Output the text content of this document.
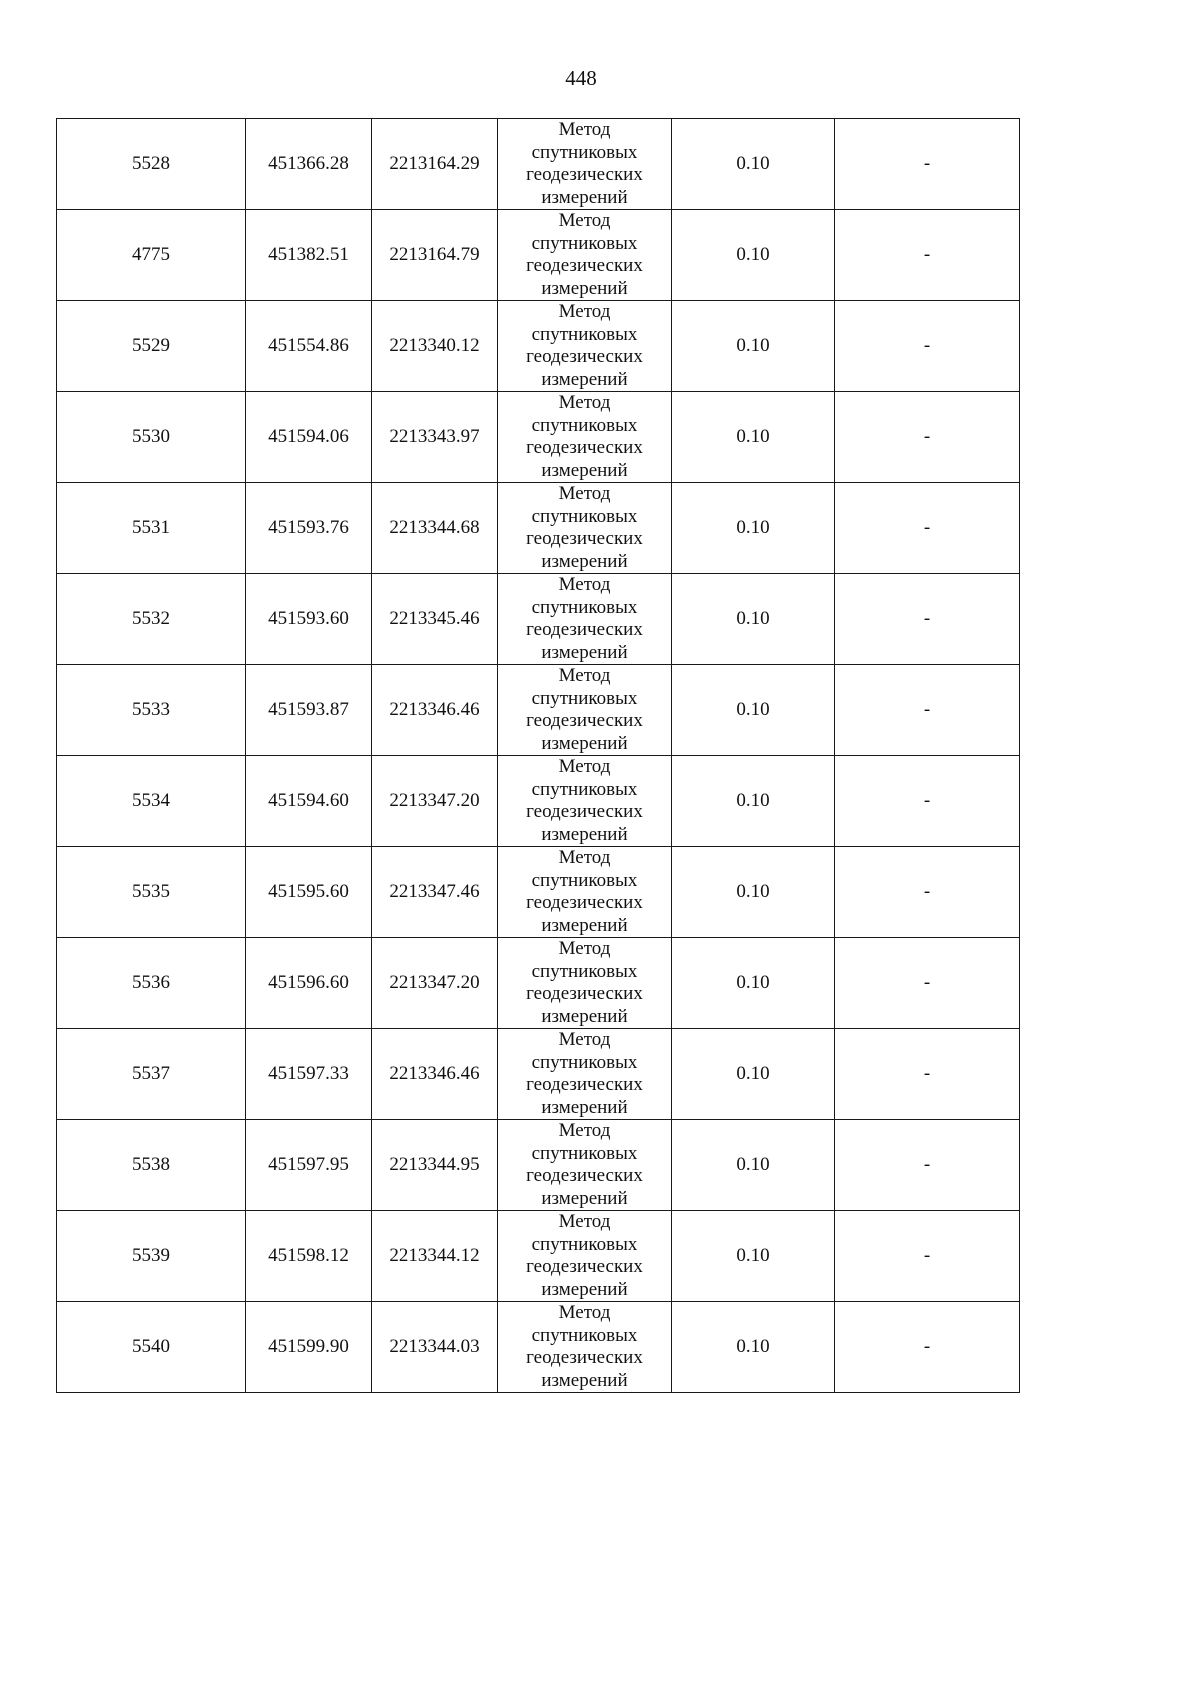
448
5528	451366.28	2213164.29	Метод
спутниковых
геодезических
измерений	0.10	-
4775	451382.51	2213164.79	Метод
спутниковых
геодезических
измерений	0.10	-
5529	451554.86	2213340.12	Метод
спутниковых
геодезических
измерений	0.10	-
5530	451594.06	2213343.97	Метод
спутниковых
геодезических
измерений	0.10	-
5531	451593.76	2213344.68	Метод
спутниковых
геодезических
измерений	0.10	-
5532	451593.60	2213345.46	Метод
спутниковых
геодезических
измерений	0.10	-
5533	451593.87	2213346.46	Метод
спутниковых
геодезических
измерений	0.10	-
5534	451594.60	2213347.20	Метод
спутниковых
геодезических
измерений	0.10	-
5535	451595.60	2213347.46	Метод
спутниковых
геодезических
измерений	0.10	-
5536	451596.60	2213347.20	Метод
спутниковых
геодезических
измерений	0.10	-
5537	451597.33	2213346.46	Метод
спутниковых
геодезических
измерений	0.10	-
5538	451597.95	2213344.95	Метод
спутниковых
геодезических
измерений	0.10	-
5539	451598.12	2213344.12	Метод
спутниковых
геодезических
измерений	0.10	-
5540	451599.90	2213344.03	Метод
спутниковых
геодезических
измерений	0.10	-
